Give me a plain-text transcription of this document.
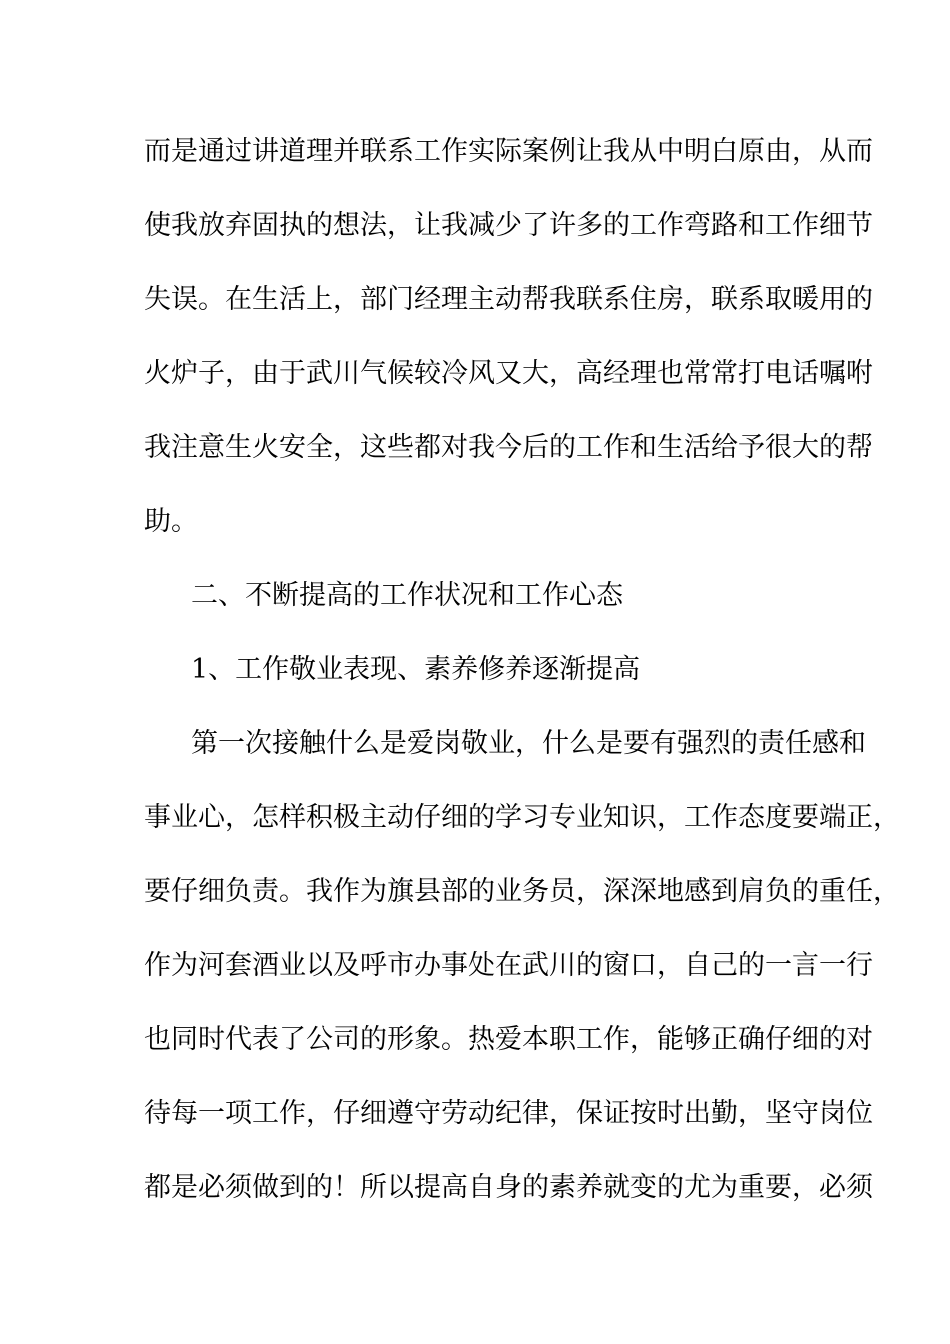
而是通过讲道理并联系工作实际案例让我从中明白原由，从而
使我放弃固执的想法，让我减少了许多的工作弯路和工作细节
失误。在生活上，部门经理主动帮我联系住房，联系取暖用的
火炉子，由于武川气候较冷风又大，高经理也常常打电话嘱咐
我注意生火安全，这些都对我今后的工作和生活给予很大的帮
助。
二、不断提高的工作状况和工作心态
1、工作敬业表现、素养修养逐渐提高
第一次接触什么是爱岗敬业，什么是要有强烈的责任感和
事业心，怎样积极主动仔细的学习专业知识，工作态度要端正，
要仔细负责。我作为旗县部的业务员，深深地感到肩负的重任，
作为河套酒业以及呼市办事处在武川的窗口，自己的一言一行
也同时代表了公司的形象。热爱本职工作，能够正确仔细的对
待每一项工作，仔细遵守劳动纪律，保证按时出勤，坚守岗位
都是必须做到的！所以提高自身的素养就变的尤为重要，必须
